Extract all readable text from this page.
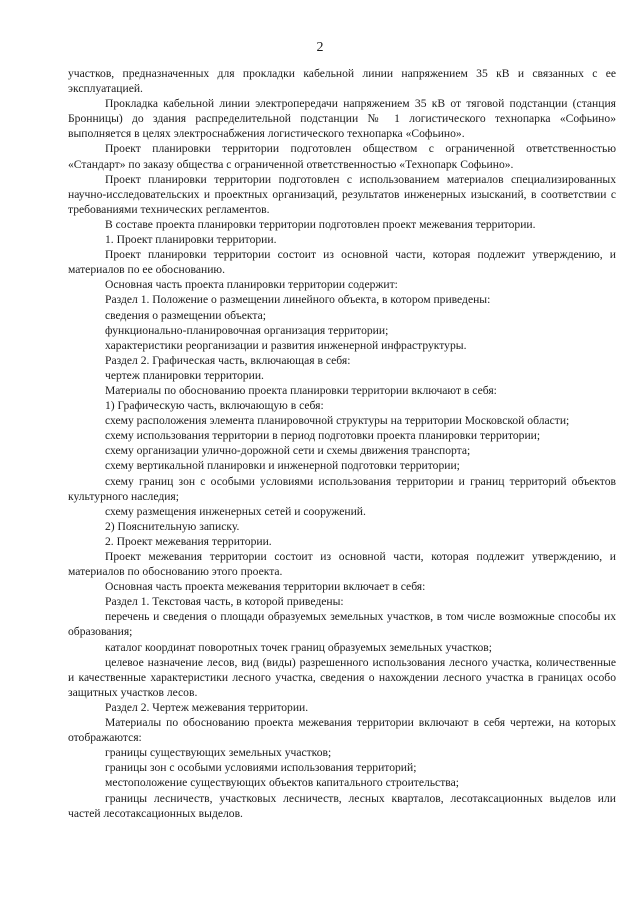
2

участков, предназначенных для прокладки кабельной линии напряжением 35 кВ и связанных с ее эксплуатацией.

Прокладка кабельной линии электропередачи напряжением 35 кВ от тяговой подстанции (станция Бронницы) до здания распределительной подстанции № 1 логистического технопарка «Софьино» выполняется в целях электроснабжения логистического технопарка «Софьино».

Проект планировки территории подготовлен обществом с ограниченной ответственностью «Стандарт» по заказу общества с ограниченной ответственностью «Технопарк Софьино».

Проект планировки территории подготовлен с использованием материалов специализированных научно-исследовательских и проектных организаций, результатов инженерных изысканий, в соответствии с требованиями технических регламентов.

В составе проекта планировки территории подготовлен проект межевания территории.

1. Проект планировки территории.

Проект планировки территории состоит из основной части, которая подлежит утверждению, и материалов по ее обоснованию.

Основная часть проекта планировки территории содержит:

Раздел 1. Положение о размещении линейного объекта, в котором приведены:

сведения о размещении объекта;

функционально-планировочная организация территории;

характеристики реорганизации и развития инженерной инфраструктуры.

Раздел 2. Графическая часть, включающая в себя:

чертеж планировки территории.

Материалы по обоснованию проекта планировки территории включают в себя:

1) Графическую часть, включающую в себя:

схему расположения элемента планировочной структуры на территории Московской области;

схему использования территории в период подготовки проекта планировки территории;

схему организации улично-дорожной сети и схемы движения транспорта;

схему вертикальной планировки и инженерной подготовки территории;

схему границ зон с особыми условиями использования территории и границ территорий объектов культурного наследия;

схему размещения инженерных сетей и сооружений.

2) Пояснительную записку.

2. Проект межевания территории.

Проект межевания территории состоит из основной части, которая подлежит утверждению, и материалов по обоснованию этого проекта.

Основная часть проекта межевания территории включает в себя:

Раздел 1. Текстовая часть, в которой приведены:

перечень и сведения о площади образуемых земельных участков, в том числе возможные способы их образования;

каталог координат поворотных точек границ образуемых земельных участков;

целевое назначение лесов, вид (виды) разрешенного использования лесного участка, количественные и качественные характеристики лесного участка, сведения о нахождении лесного участка в границах особо защитных участков лесов.

Раздел 2. Чертеж межевания территории.

Материалы по обоснованию проекта межевания территории включают в себя чертежи, на которых отображаются:

границы существующих земельных участков;

границы зон с особыми условиями использования территорий;

местоположение существующих объектов капитального строительства;

границы лесничеств, участковых лесничеств, лесных кварталов, лесотаксационных выделов или частей лесотаксационных выделов.
